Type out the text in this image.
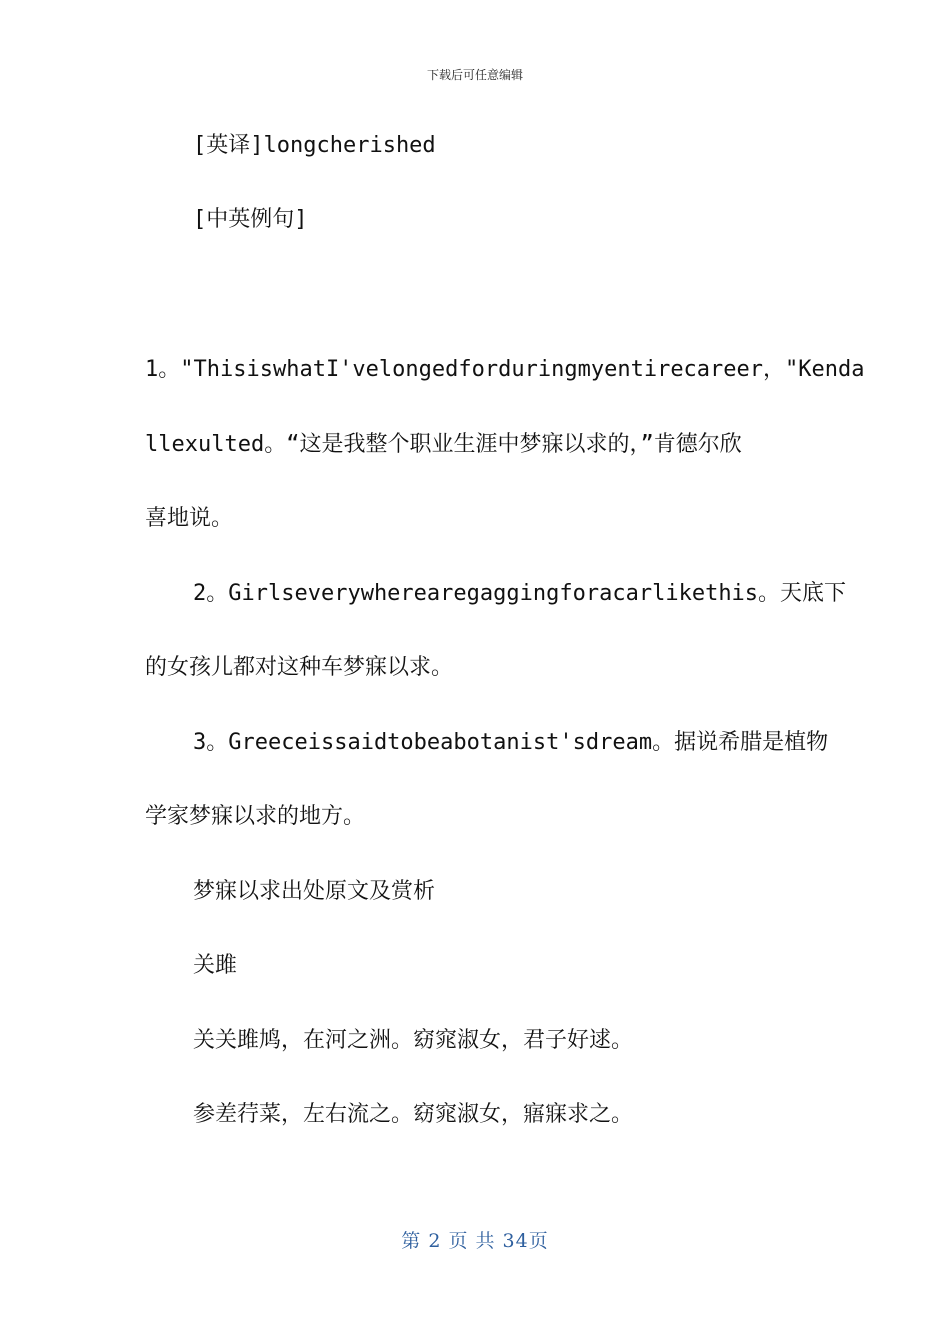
下载后可任意编辑
[英译]longcherished
[中英例句]
1。"ThisiswhatI'velongedforduringmyentirecareer，"Kenda
llexulted。“这是我整个职业生涯中梦寐以求的，”肯德尔欣
喜地说。
2。Girlseverywherearegaggingforacarlikethis。天底下
的女孩儿都对这种车梦寐以求。
3。Greeceissaidtobeabotanist'sdream。据说希腊是植物
学家梦寐以求的地方。
梦寐以求出处原文及赏析
关雎
关关雎鸠，在河之洲。窈窕淑女，君子好逑。
参差荇菜，左右流之。窈窕淑女，寤寐求之。
第 2 页 共 34页
